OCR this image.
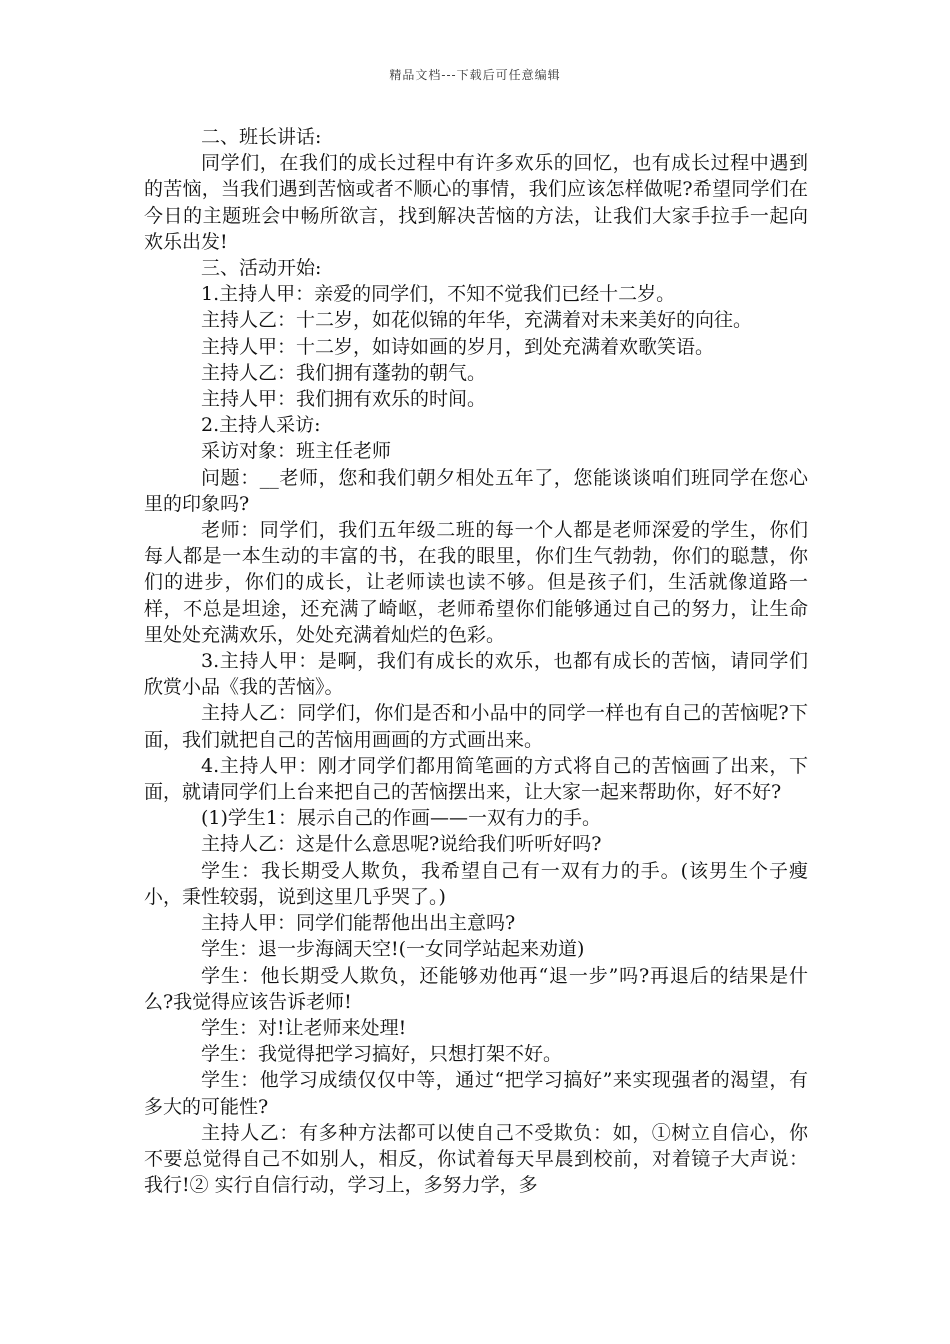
精品文档---下载后可任意编辑

二、班长讲话:

同学们，在我们的成长过程中有许多欢乐的回忆，也有成长过程中遇到的苦恼，当我们遇到苦恼或者不顺心的事情，我们应该怎样做呢?希望同学们在今日的主题班会中畅所欲言，找到解决苦恼的方法，让我们大家手拉手一起向欢乐出发!

三、活动开始:

1.主持人甲：亲爱的同学们，不知不觉我们已经十二岁。

主持人乙：十二岁，如花似锦的年华，充满着对未来美好的向往。

主持人甲：十二岁，如诗如画的岁月，到处充满着欢歌笑语。

主持人乙：我们拥有蓬勃的朝气。

主持人甲：我们拥有欢乐的时间。

2.主持人采访:

采访对象：班主任老师

问题：__老师，您和我们朝夕相处五年了，您能谈谈咱们班同学在您心里的印象吗?

老师：同学们，我们五年级二班的每一个人都是老师深爱的学生，你们每人都是一本生动的丰富的书，在我的眼里，你们生气勃勃，你们的聪慧，你们的进步，你们的成长，让老师读也读不够。但是孩子们，生活就像道路一样，不总是坦途，还充满了崎岖，老师希望你们能够通过自己的努力，让生命里处处充满欢乐，处处充满着灿烂的色彩。

3.主持人甲：是啊，我们有成长的欢乐，也都有成长的苦恼，请同学们欣赏小品《我的苦恼》。

主持人乙：同学们，你们是否和小品中的同学一样也有自己的苦恼呢?下面，我们就把自己的苦恼用画画的方式画出来。

4.主持人甲：刚才同学们都用简笔画的方式将自己的苦恼画了出来，下面，就请同学们上台来把自己的苦恼摆出来，让大家一起来帮助你，好不好?

(1)学生1：展示自己的作画——一双有力的手。

主持人乙：这是什么意思呢?说给我们听听好吗?

学生：我长期受人欺负，我希望自己有一双有力的手。(该男生个子瘦小，秉性较弱，说到这里几乎哭了。)

主持人甲：同学们能帮他出出主意吗?

学生：退一步海阔天空!(一女同学站起来劝道)

学生：他长期受人欺负，还能够劝他再“退一步”吗?再退后的结果是什么?我觉得应该告诉老师!

学生：对!让老师来处理!

学生：我觉得把学习搞好，只想打架不好。

学生：他学习成绩仅仅中等，通过“把学习搞好”来实现强者的渴望，有多大的可能性?

主持人乙：有多种方法都可以使自己不受欺负：如，①树立自信心，你不要总觉得自己不如别人，相反，你试着每天早晨到校前，对着镜子大声说：我行!② 实行自信行动，学习上，多努力学，多
